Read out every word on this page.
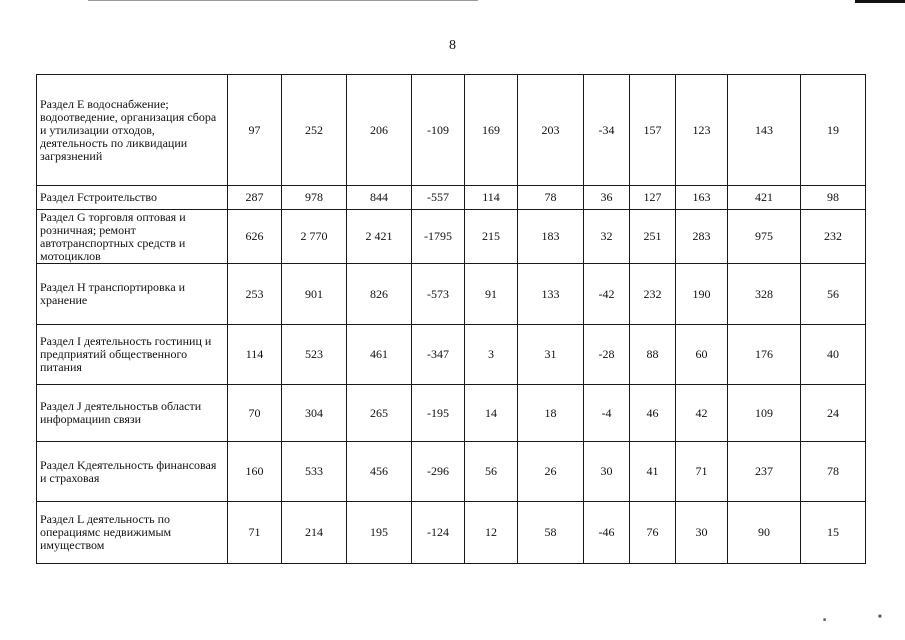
8
Раздел Е водоснабжение; водоотведение, организация сбора и утилизации отходов, деятельность по ликвидации загрязнений	97	252	206	-109	169	203	-34	157	123	143	19
Раздел Fстроительство	287	978	844	-557	114	78	36	127	163	421	98
Раздел G торговля оптовая и розничная; ремонт автотранспортных средств и мотоциклов	626	2 770	2 421	-1795	215	183	32	251	283	975	232
Раздел Н транспортировка и хранение	253	901	826	-573	91	133	-42	232	190	328	56
Раздел I деятельность гостиниц и предприятий общественного питания	114	523	461	-347	3	31	-28	88	60	176	40
Раздел J деятельностьв области информацииn связи	70	304	265	-195	14	18	-4	46	42	109	24
Раздел Kдеятельность финансовая и страховая	160	533	456	-296	56	26	30	41	71	237	78
Раздел L деятельность по операциямс недвижимым имуществом	71	214	195	-124	12	58	-46	76	30	90	15
■
■
